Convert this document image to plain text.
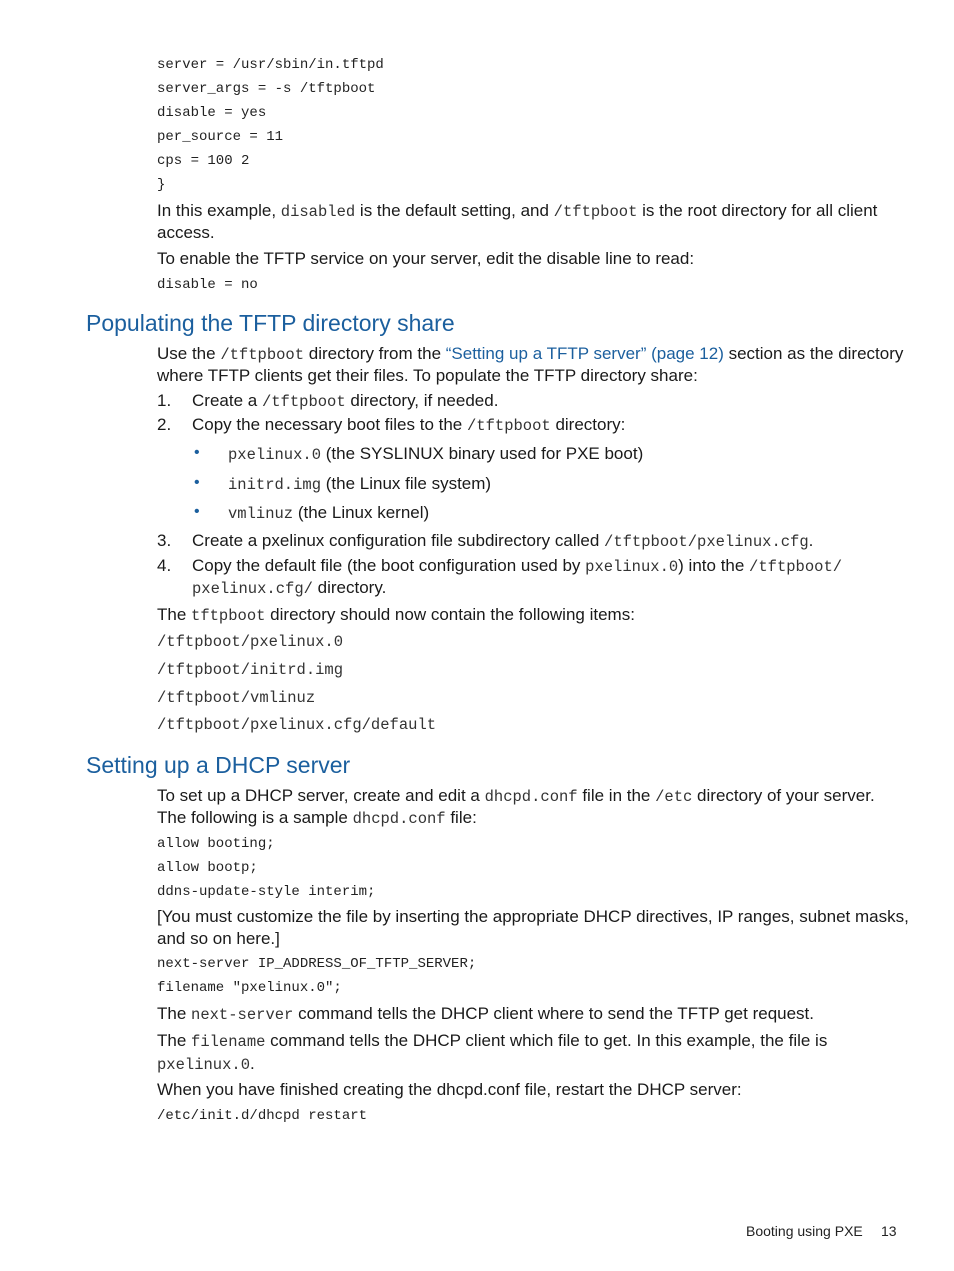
server = /usr/sbin/in.tftpd
server_args = -s /tftpboot
disable = yes
per_source = 11
cps = 100 2
}
In this example, disabled is the default setting, and /tftpboot is the root directory for all client
access.
To enable the TFTP service on your server, edit the disable line to read:
disable = no
Populating the TFTP directory share
Use the /tftpboot directory from the “Setting up a TFTP server” (page 12) section as the directory
where TFTP clients get their files. To populate the TFTP directory share:
1. Create a /tftpboot directory, if needed.
2. Copy the necessary boot files to the /tftpboot directory:
• pxelinux.0 (the SYSLINUX binary used for PXE boot)
• initrd.img (the Linux file system)
• vmlinuz (the Linux kernel)
3. Create a pxelinux configuration file subdirectory called /tftpboot/pxelinux.cfg.
4. Copy the default file (the boot configuration used by pxelinux.0) into the /tftpboot/
pxelinux.cfg/ directory.
The tftpboot directory should now contain the following items:
/tftpboot/pxelinux.0
/tftpboot/initrd.img
/tftpboot/vmlinuz
/tftpboot/pxelinux.cfg/default
Setting up a DHCP server
To set up a DHCP server, create and edit a dhcpd.conf file in the /etc directory of your server.
The following is a sample dhcpd.conf file:
allow booting;
allow bootp;
ddns-update-style interim;
[You must customize the file by inserting the appropriate DHCP directives, IP ranges, subnet masks,
and so on here.]
next-server IP_ADDRESS_OF_TFTP_SERVER;
filename "pxelinux.0";
The next-server command tells the DHCP client where to send the TFTP get request.
The filename command tells the DHCP client which file to get. In this example, the file is
pxelinux.0.
When you have finished creating the dhcpd.conf file, restart the DHCP server:
/etc/init.d/dhcpd restart
Booting using PXE 13
